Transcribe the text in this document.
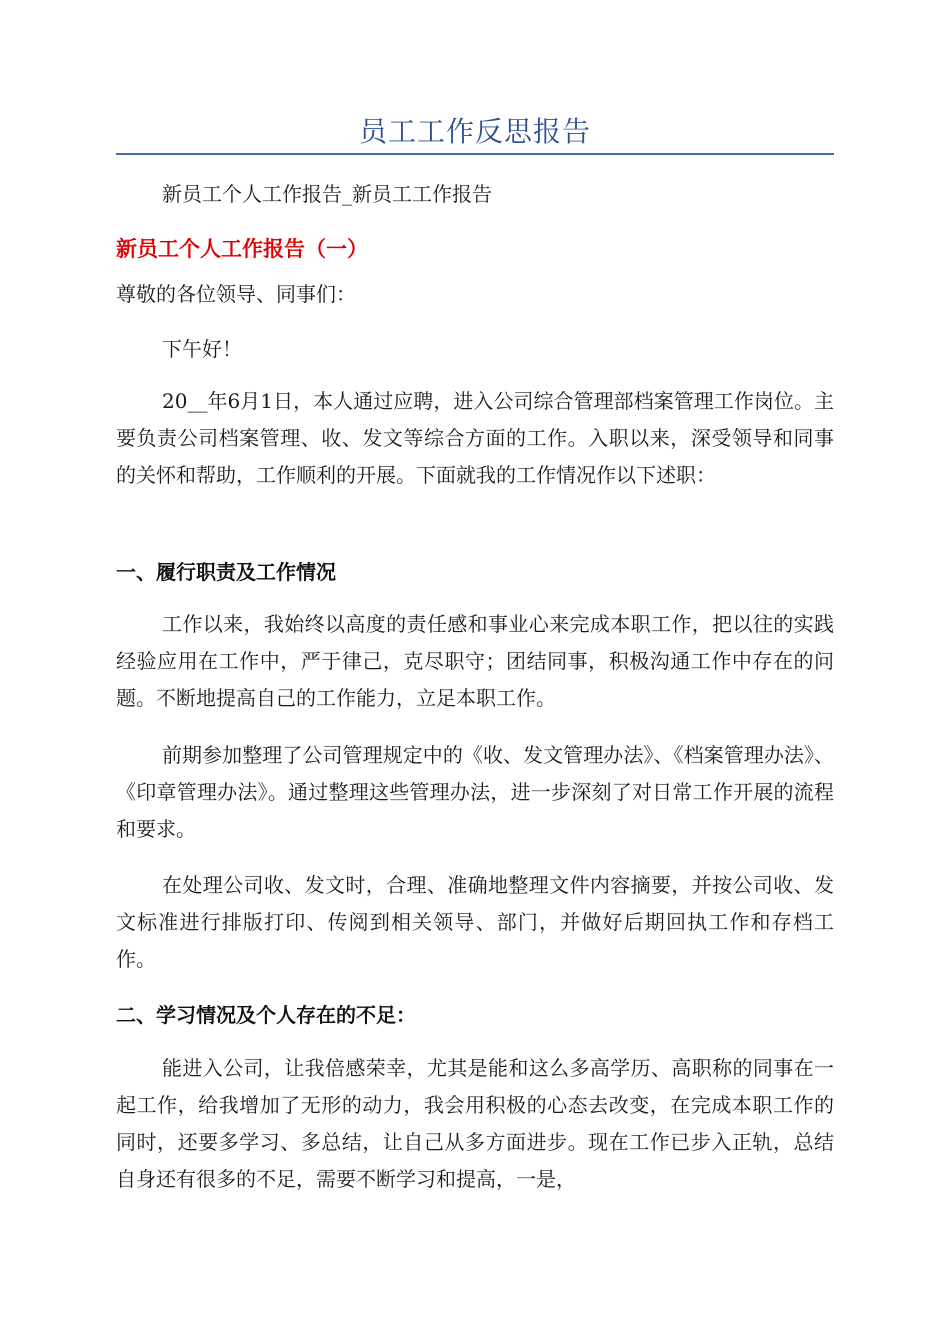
员工工作反思报告

新员工个人工作报告_新员工工作报告

新员工个人工作报告（一）

尊敬的各位领导、同事们：

下午好！

20__年6月1日，本人通过应聘，进入公司综合管理部档案管理工作岗位。主要负责公司档案管理、收、发文等综合方面的工作。入职以来，深受领导和同事的关怀和帮助，工作顺利的开展。下面就我的工作情况作以下述职：

一、履行职责及工作情况

工作以来，我始终以高度的责任感和事业心来完成本职工作，把以往的实践经验应用在工作中，严于律己，克尽职守；团结同事，积极沟通工作中存在的问题。不断地提高自己的工作能力，立足本职工作。

前期参加整理了公司管理规定中的《收、发文管理办法》、《档案管理办法》、《印章管理办法》。通过整理这些管理办法，进一步深刻了对日常工作开展的流程和要求。

在处理公司收、发文时，合理、准确地整理文件内容摘要，并按公司收、发文标准进行排版打印、传阅到相关领导、部门，并做好后期回执工作和存档工作。

二、学习情况及个人存在的不足：

能进入公司，让我倍感荣幸，尤其是能和这么多高学历、高职称的同事在一起工作，给我增加了无形的动力，我会用积极的心态去改变，在完成本职工作的同时，还要多学习、多总结，让自己从多方面进步。现在工作已步入正轨，总结自身还有很多的不足，需要不断学习和提高，一是，
